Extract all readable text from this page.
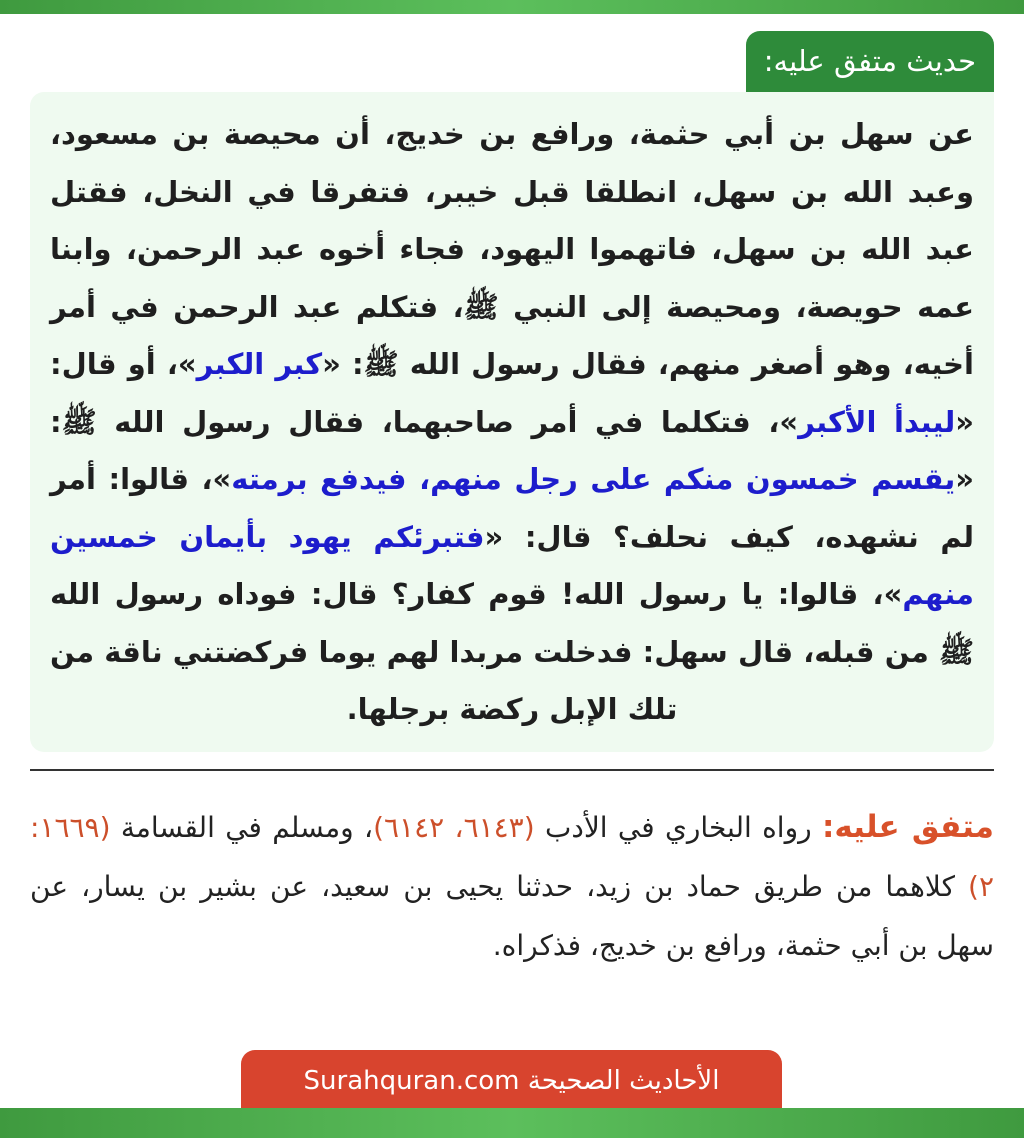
حديث متفق عليه:
عن سهل بن أبي حثمة، ورافع بن خديج، أن محيصة بن مسعود، وعبد الله بن سهل، انطلقا قبل خيبر، فتفرقا في النخل، فقتل عبد الله بن سهل، فاتهموا اليهود، فجاء أخوه عبد الرحمن، وابنا عمه حويصة، ومحيصة إلى النبي ﷺ، فتكلم عبد الرحمن في أمر أخيه، وهو أصغر منهم، فقال رسول الله ﷺ: «كبر الكبر»، أو قال: «ليبدأ الأكبر»، فتكلما في أمر صاحبهما، فقال رسول الله ﷺ: «يقسم خمسون منكم على رجل منهم، فيدفع برمته»، قالوا: أمر لم نشهده، كيف نحلف؟ قال: «فتبرئكم يهود بأيمان خمسين منهم»، قالوا: يا رسول الله! قوم كفار؟ قال: فوداه رسول الله ﷺ من قبله، قال سهل: فدخلت مربدا لهم يوما فركضتني ناقة من تلك الإبل ركضة برجلها.
متفق عليه: رواه البخاري في الأدب (٦١٤٣، ٦١٤٢)، ومسلم في القسامة (١٦٦٩: ٢) كلاهما من طريق حماد بن زيد، حدثنا يحيى بن سعيد، عن بشير بن يسار، عن سهل بن أبي حثمة، ورافع بن خديج، فذكراه.
الأحاديث الصحيحة Surahquran.com
